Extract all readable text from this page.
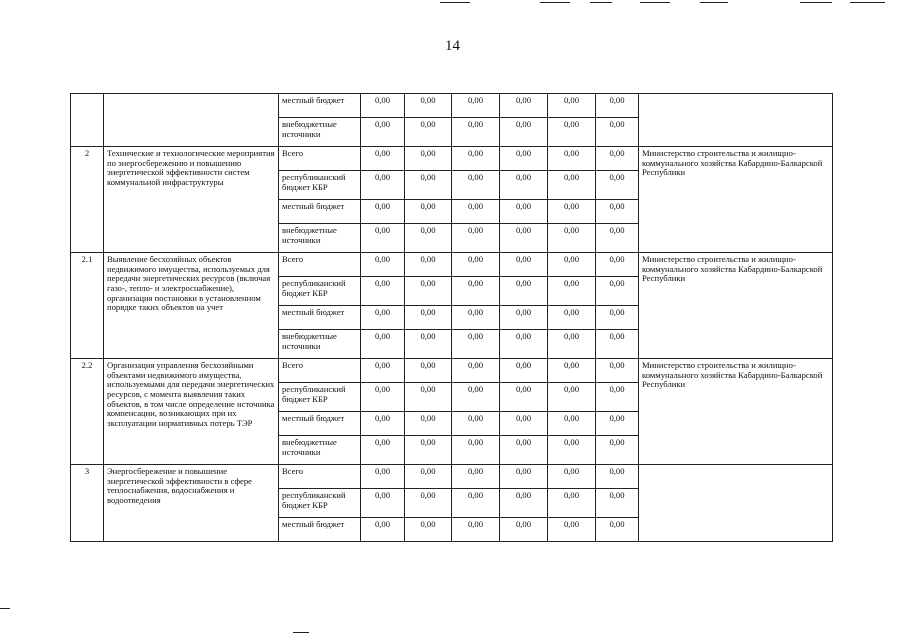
14
		местный бюджет	0,00	0,00	0,00	0,00	0,00	0,00	
		внебюджетные источники	0,00	0,00	0,00	0,00	0,00	0,00	
2	Технические и технологические мероприятия по энергосбережению и повышению энергетической эффективности систем коммунальной инфраструктуры	Всего	0,00	0,00	0,00	0,00	0,00	0,00	Министерство строительства и жилищно-коммунального хозяйства Кабардино-Балкарской Республики
		республиканский бюджет КБР	0,00	0,00	0,00	0,00	0,00	0,00	
		местный бюджет	0,00	0,00	0,00	0,00	0,00	0,00	
		внебюджетные источники	0,00	0,00	0,00	0,00	0,00	0,00	
2.1	Выявление бесхозяйных объектов недвижимого имущества, используемых для передачи энергетических ресурсов (включая газо-, тепло- и электроснабжение), организация постановки в установленном порядке таких объектов на учет	Всего	0,00	0,00	0,00	0,00	0,00	0,00	Министерство строительства и жилищно-коммунального хозяйства Кабардино-Балкарской Республики
		республиканский бюджет КБР	0,00	0,00	0,00	0,00	0,00	0,00	
		местный бюджет	0,00	0,00	0,00	0,00	0,00	0,00	
		внебюджетные источники	0,00	0,00	0,00	0,00	0,00	0,00	
2.2	Организация управления бесхозяйными объектами недвижимого имущества, используемыми для передачи энергетических ресурсов, с момента выявления таких объектов, в том числе определение источника компенсации, возникающих при их эксплуатации нормативных потерь ТЭР	Всего	0,00	0,00	0,00	0,00	0,00	0,00	Министерство строительства и жилищно-коммунального хозяйства Кабардино-Балкарской Республики
		республиканский бюджет КБР	0,00	0,00	0,00	0,00	0,00	0,00	
		местный бюджет	0,00	0,00	0,00	0,00	0,00	0,00	
		внебюджетные источники	0,00	0,00	0,00	0,00	0,00	0,00	
3	Энергосбережение и повышение энергетической эффективности в сфере теплоснабжения, водоснабжения и водоотведения	Всего	0,00	0,00	0,00	0,00	0,00	0,00	
		республиканский бюджет КБР	0,00	0,00	0,00	0,00	0,00	0,00	
		местный бюджет	0,00	0,00	0,00	0,00	0,00	0,00	
